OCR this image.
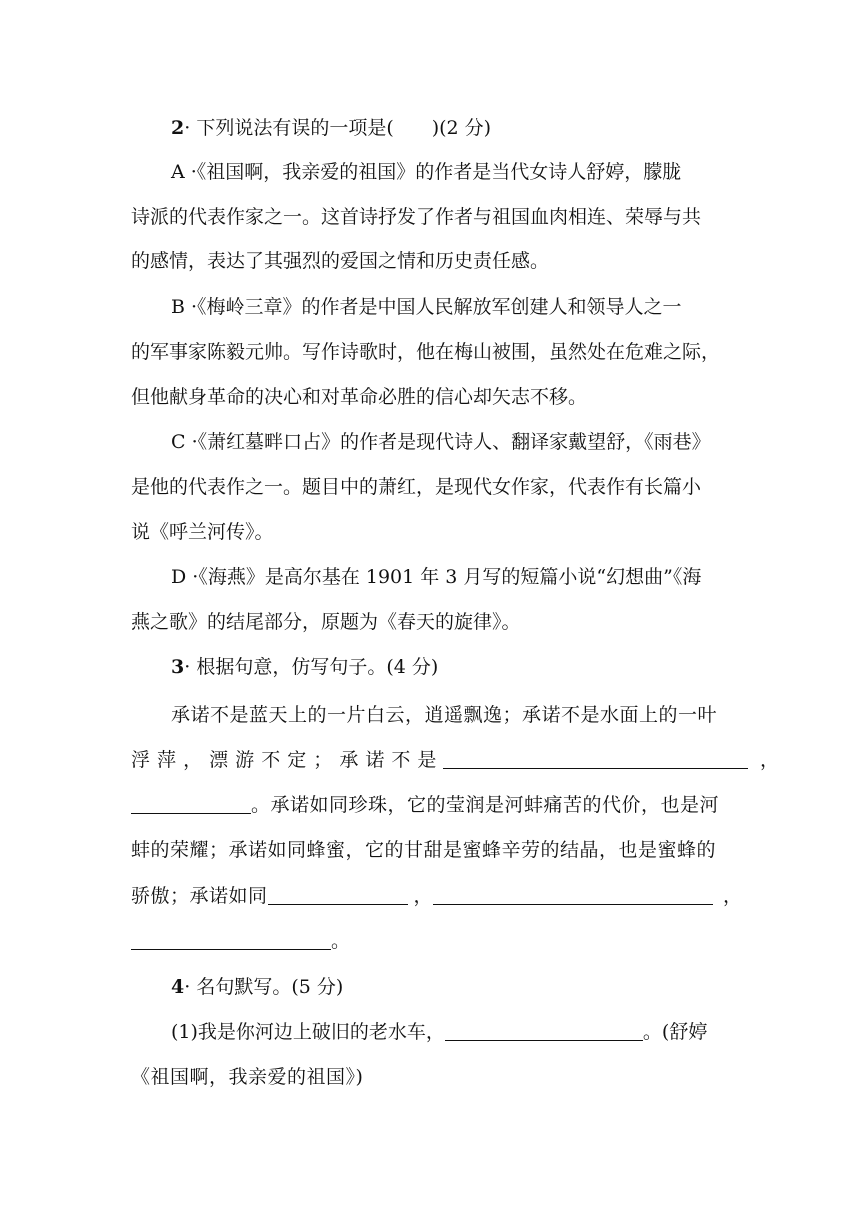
2· 下列说法有误的一项是(　　)(2 分)
A ·《祖国啊，我亲爱的祖国》的作者是当代女诗人舒婷，朦胧
诗派的代表作家之一。这首诗抒发了作者与祖国血肉相连、荣辱与共
的感情，表达了其强烈的爱国之情和历史责任感。
B ·《梅岭三章》的作者是中国人民解放军创建人和领导人之一
的军事家陈毅元帅。写作诗歌时，他在梅山被围，虽然处在危难之际，
但他献身革命的决心和对革命必胜的信心却矢志不移。
C ·《萧红墓畔口占》的作者是现代诗人、翻译家戴望舒，《雨巷》
是他的代表作之一。题目中的萧红，是现代女作家，代表作有长篇小
说《呼兰河传》。
D ·《海燕》是高尔基在 1901 年 3 月写的短篇小说“幻想曲”《海
燕之歌》的结尾部分，原题为《春天的旋律》。
3· 根据句意，仿写句子。(4 分)
承诺不是蓝天上的一片白云，逍遥飘逸；承诺不是水面上的一叶
浮 萍 ， 漂 游 不 定 ； 承 诺 不 是	，
。承诺如同珍珠，它的莹润是河蚌痛苦的代价，也是河
蚌的荣耀；承诺如同蜂蜜，它的甘甜是蜜蜂辛劳的结晶，也是蜜蜂的
骄傲；承诺如同	，	，
。
4· 名句默写。(5 分)
(1)我是你河边上破旧的老水车，	。(舒婷
《祖国啊，我亲爱的祖国》)
